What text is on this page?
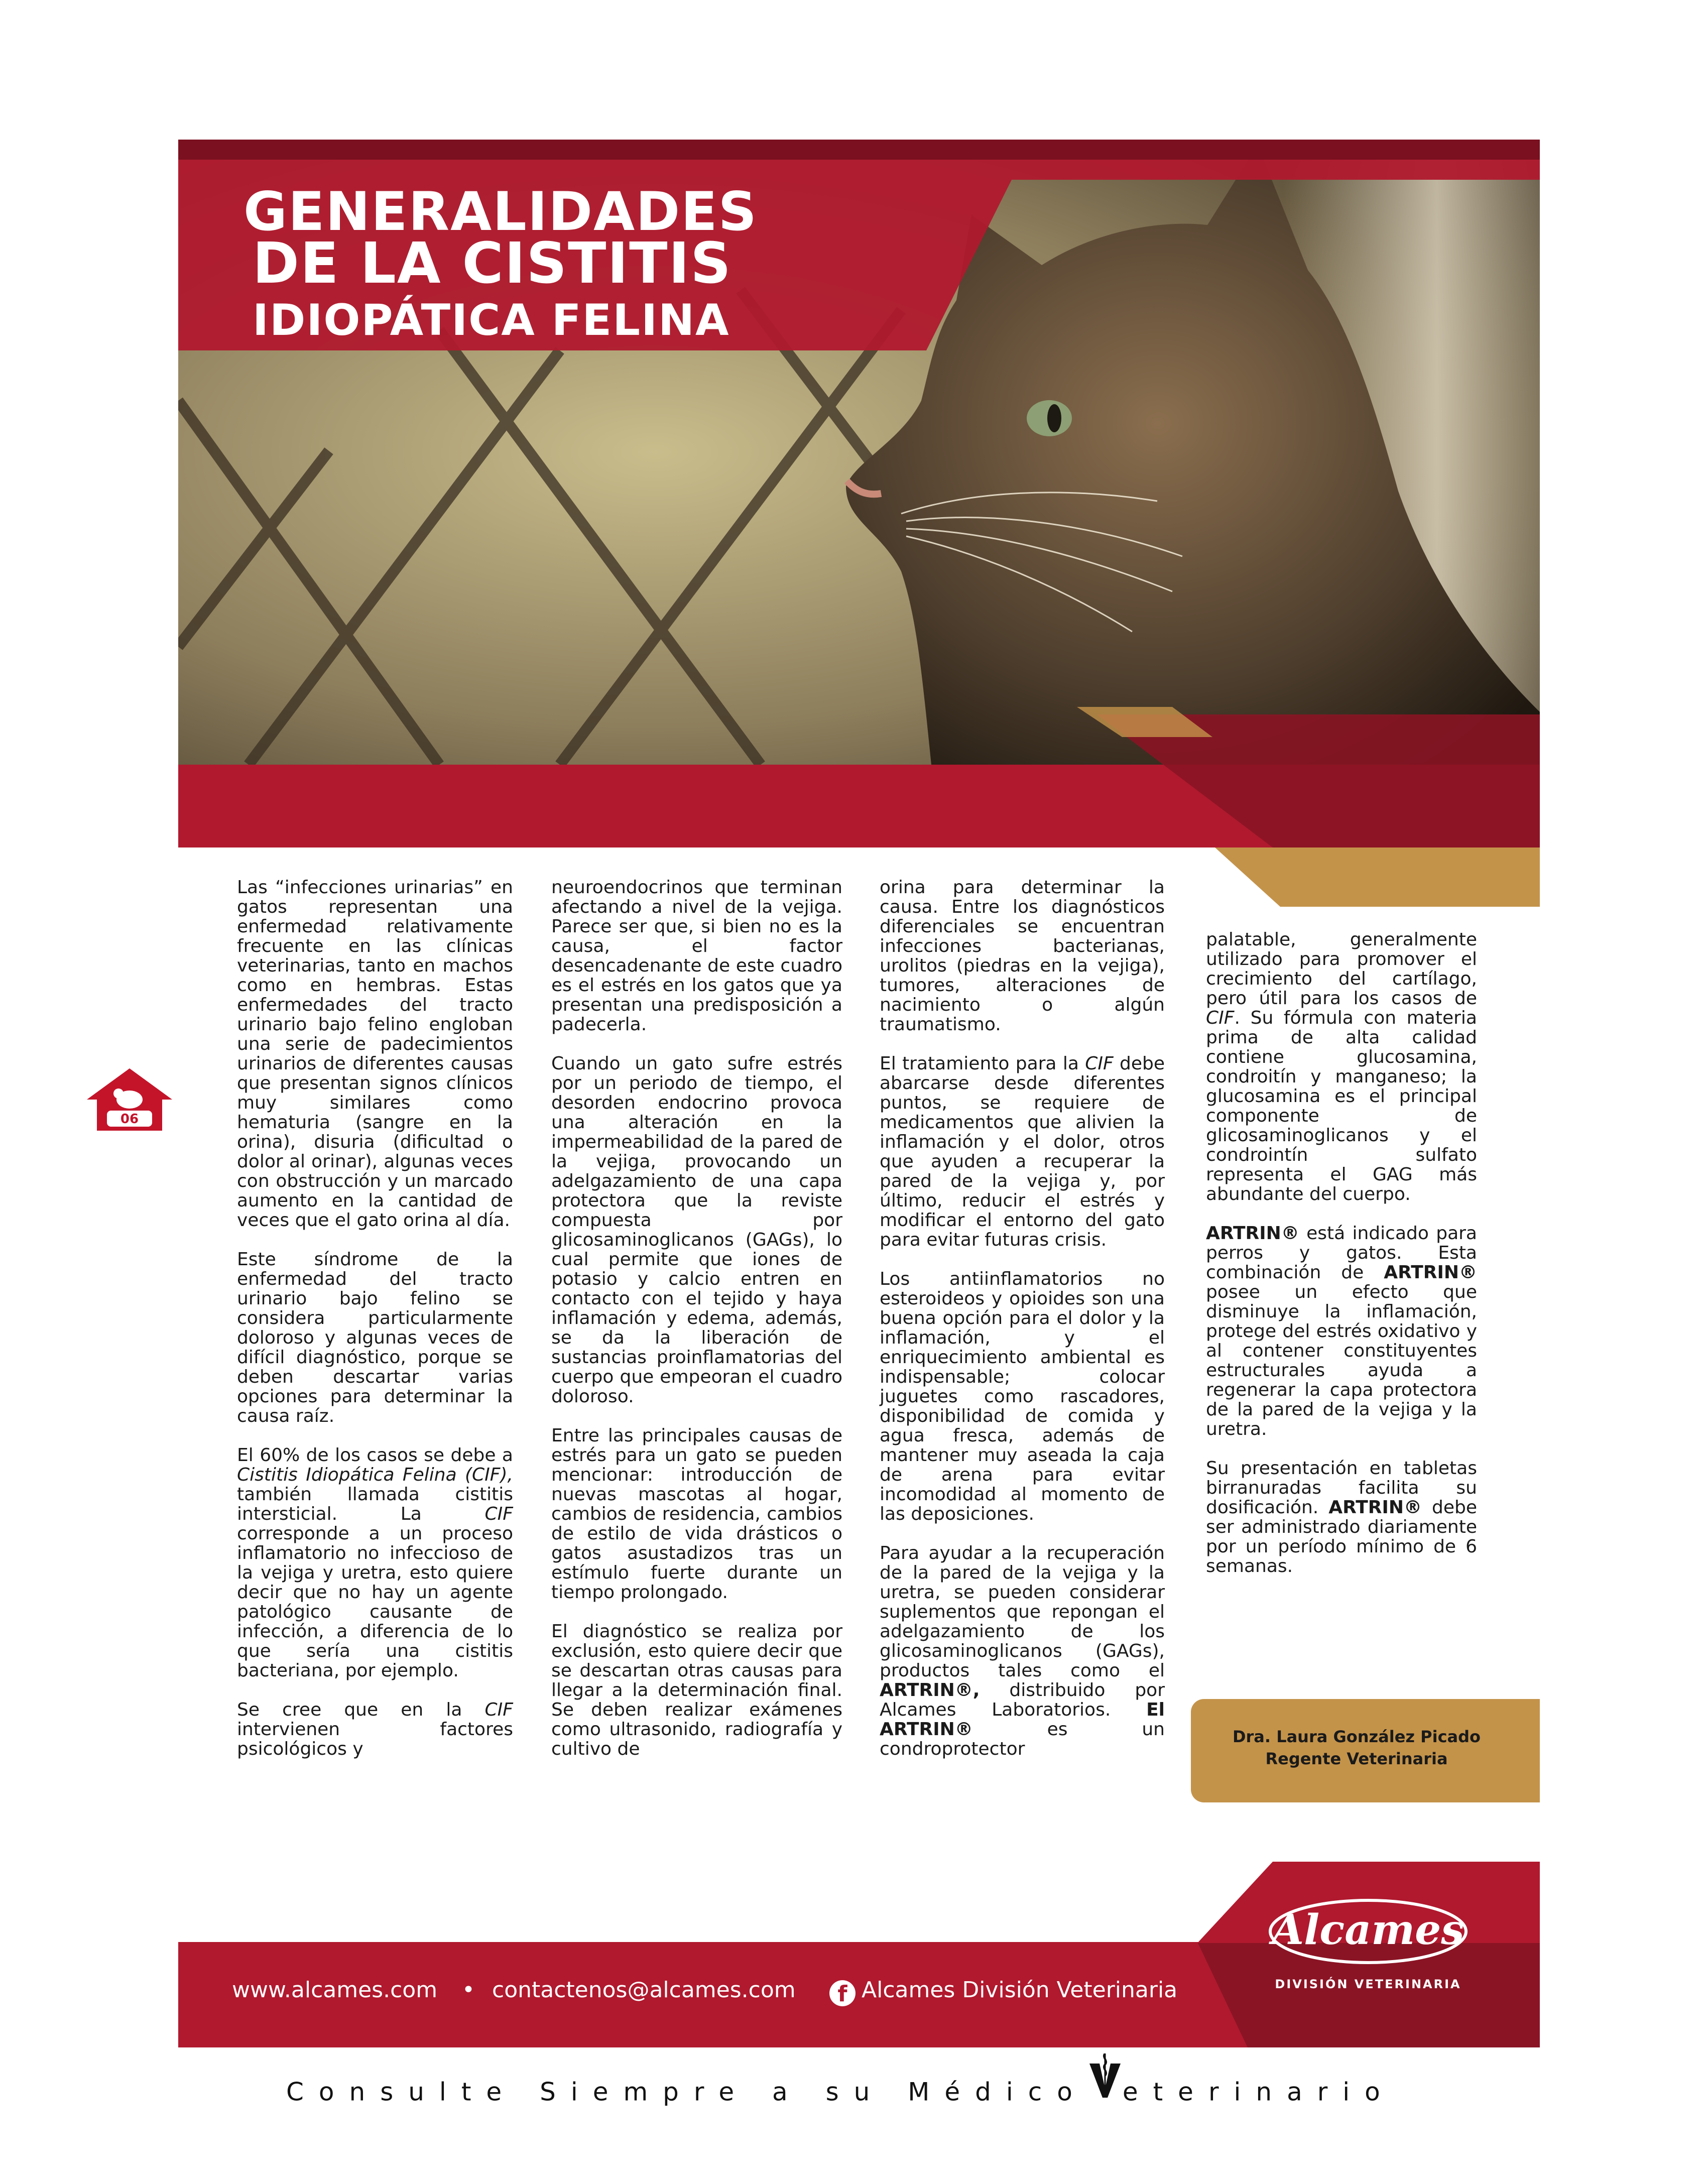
GENERALIDADES
DE LA CISTITIS
IDIOPÁTICA FELINA
06

Las “infecciones urinarias” en gatos representan una enfermedad relativamente frecuente en las clínicas veterinarias, tanto en machos como en hembras. Estas enfermedades del tracto urinario bajo felino engloban una serie de padecimientos urinarios de diferentes causas que presentan signos clínicos muy similares como hematuria (sangre en la orina), disuria (dificultad o dolor al orinar), algunas veces con obstrucción y un marcado aumento en la cantidad de veces que el gato orina al día.

Este síndrome de la enfermedad del tracto urinario bajo felino se considera particularmente doloroso y algunas veces de difícil diagnóstico, porque se deben descartar varias opciones para determinar la causa raíz.

El 60% de los casos se debe a Cistitis Idiopática Felina (CIF), también llamada cistitis intersticial. La CIF corresponde a un proceso inflamatorio no infeccioso de la vejiga y uretra, esto quiere decir que no hay un agente patológico causante de infección, a diferencia de lo que sería una cistitis bacteriana, por ejemplo.

Se cree que en la CIF intervienen factores psicológicos y

neuroendocrinos que terminan afectando a nivel de la vejiga. Parece ser que, si bien no es la causa, el factor desencadenante de este cuadro es el estrés en los gatos que ya presentan una predisposición a padecerla.

Cuando un gato sufre estrés por un periodo de tiempo, el desorden endocrino provoca una alteración en la impermeabilidad de la pared de la vejiga, provocando un adelgazamiento de una capa protectora que la reviste compuesta por glicosaminoglicanos (GAGs), lo cual permite que iones de potasio y calcio entren en contacto con el tejido y haya inflamación y edema, además, se da la liberación de sustancias proinflamatorias del cuerpo que empeoran el cuadro doloroso.

Entre las principales causas de estrés para un gato se pueden mencionar: introducción de nuevas mascotas al hogar, cambios de residencia, cambios de estilo de vida drásticos o gatos asustadizos tras un estímulo fuerte durante un tiempo prolongado.

El diagnóstico se realiza por exclusión, esto quiere decir que se descartan otras causas para llegar a la determinación final. Se deben realizar exámenes como ultrasonido, radiografía y cultivo de

orina para determinar la causa. Entre los diagnósticos diferenciales se encuentran infecciones bacterianas, urolitos (piedras en la vejiga), tumores, alteraciones de nacimiento o algún traumatismo.

El tratamiento para la CIF debe abarcarse desde diferentes puntos, se requiere de medicamentos que alivien la inflamación y el dolor, otros que ayuden a recuperar la pared de la vejiga y, por último, reducir el estrés y modificar el entorno del gato para evitar futuras crisis.

Los antiinflamatorios no esteroideos y opioides son una buena opción para el dolor y la inflamación, y el enriquecimiento ambiental es indispensable; colocar juguetes como rascadores, disponibilidad de comida y agua fresca, además de mantener muy aseada la caja de arena para evitar incomodidad al momento de las deposiciones.

Para ayudar a la recuperación de la pared de la vejiga y la uretra, se pueden considerar suplementos que repongan el adelgazamiento de los glicosaminoglicanos (GAGs), productos tales como el ARTRIN®, distribuido por Alcames Laboratorios. El ARTRIN® es un condroprotector

palatable, generalmente utilizado para promover el crecimiento del cartílago, pero útil para los casos de CIF. Su fórmula con materia prima de alta calidad contiene glucosamina, condroitín y manganeso; la glucosamina es el principal componente de glicosaminoglicanos y el condrointín sulfato representa el GAG más abundante del cuerpo.

ARTRIN® está indicado para perros y gatos. Esta combinación de ARTRIN® posee un efecto que disminuye la inflamación, protege del estrés oxidativo y al contener constituyentes estructurales ayuda a regenerar la capa protectora de la pared de la vejiga y la uretra.

Su presentación en tabletas birranuradas facilita su dosificación. ARTRIN® debe ser administrado diariamente por un período mínimo de 6 semanas.

Dra. Laura González Picado
Regente Veterinaria
www.alcames.com • contactenos@alcames.com	f Alcames División Veterinaria
Alcames
DIVISIÓN VETERINARIA
Consulte Siempre a su Médico eterinario
